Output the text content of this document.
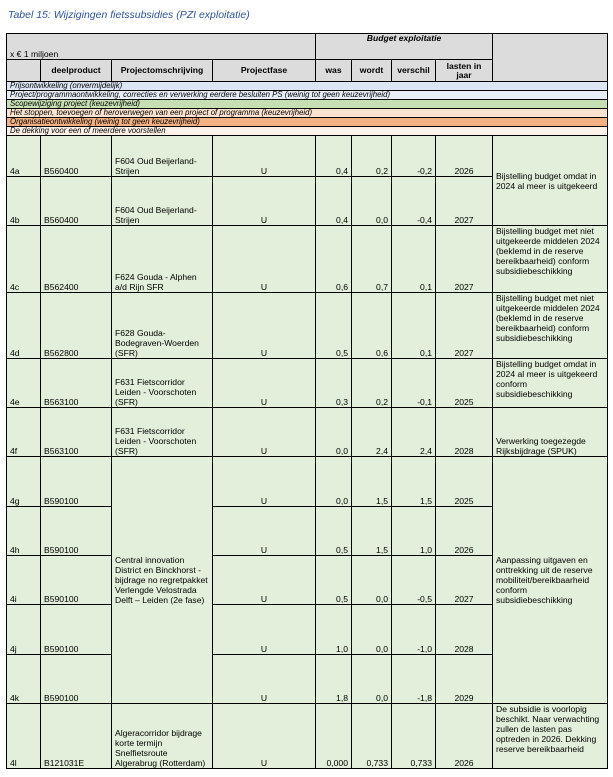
Tabel 15: Wijzigingen fietssubsidies (PZI exploitatie)
x € 1 miljoen				Budget exploitatie				
	deelproduct	Projectomschrijving	Projectfase	was	wordt	verschil	lasten in jaar	
Prijsontwikkeling (onvermijdelijk)								
Project/programmaontwikkeling, correcties en verwerking eerdere besluiten PS (weinig tot geen keuzevrijheid)								
Scopewijziging project (keuzevrijheid)								
Het stoppen, toevoegen of heroverwegen van een project of programma (keuzevrijheid)								
Organisatieontwikkeling (weinig tot geen keuzevrijheid)								
De dekking voor een of meerdere voorstellen								
4a	B560400	F604 Oud Beijerland-Strijen	U	0,4	0,2	-0,2	2026	Bijstelling budget omdat in 2024 al meer is uitgekeerd
4b	B560400	F604 Oud Beijerland-Strijen	U	0,4	0,0	-0,4	2027	
4c	B562400	F624 Gouda - Alphen a/d Rijn SFR	U	0,6	0,7	0,1	2027	Bijstelling budget met niet uitgekeerde middelen 2024 (beklemd in de reserve bereikbaarheid) conform subsidiebeschikking
4d	B562800	F628 Gouda-Bodegraven-Woerden (SFR)	U	0,5	0,6	0,1	2027	Bijstelling budget met niet uitgekeerde middelen 2024 (beklemd in de reserve bereikbaarheid) conform subsidiebeschikking
4e	B563100	F631 Fietscorridor Leiden - Voorschoten (SFR)	U	0,3	0,2	-0,1	2025	Bijstelling budget omdat in 2024 al meer is uitgekeerd conform subsidiebeschikking
4f	B563100	F631 Fietscorridor Leiden - Voorschoten (SFR)	U	0,0	2,4	2,4	2028	Verwerking toegezegde Rijksbijdrage (SPUK)
4g	B590100	Central innovation District en Binckhorst - bijdrage no regretpakket Verlengde Velostrada Delft – Leiden (2e fase)	U	0,0	1,5	1,5	2025	Aanpassing uitgaven en onttrekking uit de reserve mobiliteit/bereikbaarheid conform subsidiebeschikking
4h	B590100		U	0,5	1,5	1,0	2026	
4i	B590100		U	0,5	0,0	-0,5	2027	
4j	B590100		U	1,0	0,0	-1,0	2028	
4k	B590100		U	1,8	0,0	-1,8	2029	
4l	B121031E	Algeracorridor bijdrage korte termijn Snelfietsroute Algerabrug (Rotterdam)	U	0,000	0,733	0,733	2026	De subsidie is voorlopig beschikt. Naar verwachting zullen de lasten pas optreden in 2026. Dekking reserve bereikbaarheid
